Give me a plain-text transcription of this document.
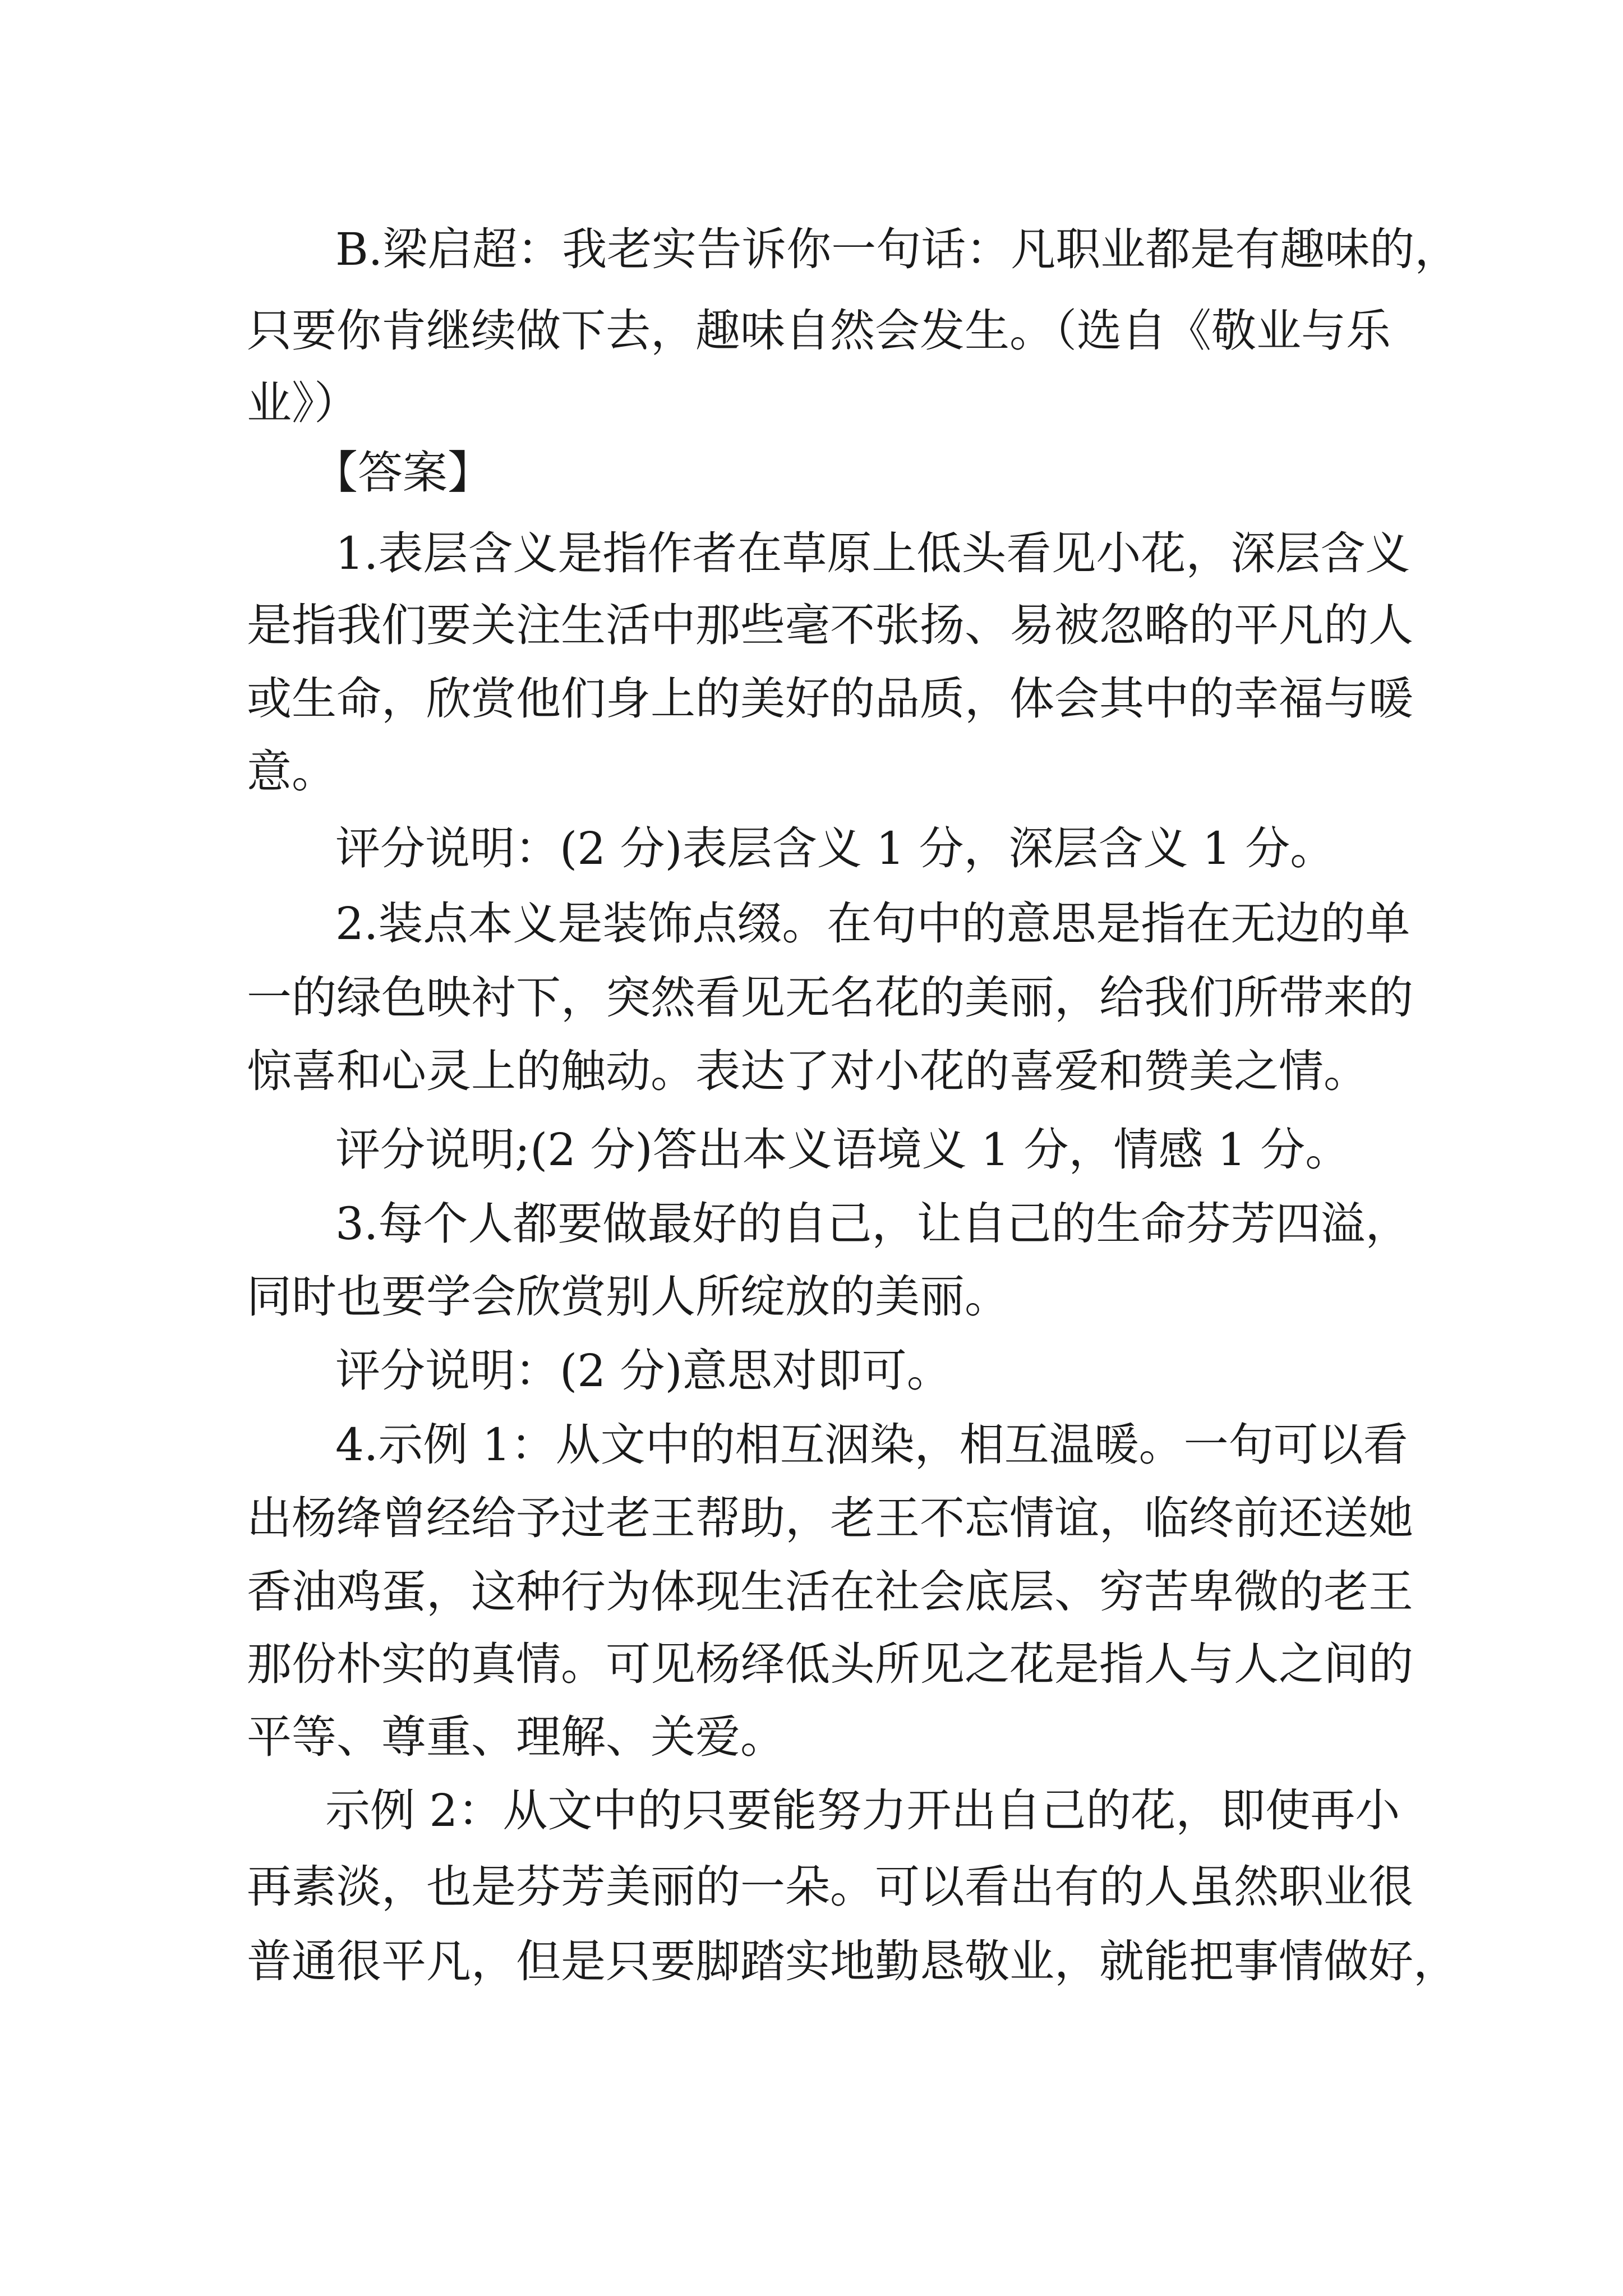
B.梁启超：我老实告诉你一句话：凡职业都是有趣味的，

只要你肯继续做下去，趣味自然会发生。（选自《敬业与乐

业》）

【答案】

1.表层含义是指作者在草原上低头看见小花，深层含义

是指我们要关注生活中那些毫不张扬、易被忽略的平凡的人

或生命，欣赏他们身上的美好的品质，体会其中的幸福与暖

意。

评分说明：(2 分)表层含义 1 分，深层含义 1 分。

2.装点本义是装饰点缀。在句中的意思是指在无边的单

一的绿色映衬下，突然看见无名花的美丽，给我们所带来的

惊喜和心灵上的触动。表达了对小花的喜爱和赞美之情。

评分说明;(2 分)答出本义语境义 1 分，情感 1 分。

3.每个人都要做最好的自己，让自己的生命芬芳四溢，

同时也要学会欣赏别人所绽放的美丽。

评分说明：(2 分)意思对即可。

4.示例 1：从文中的相互洇染，相互温暖。一句可以看

出杨绛曾经给予过老王帮助，老王不忘情谊，临终前还送她

香油鸡蛋，这种行为体现生活在社会底层、穷苦卑微的老王

那份朴实的真情。可见杨绎低头所见之花是指人与人之间的

平等、尊重、理解、关爱。

示例 2：从文中的只要能努力开出自己的花，即使再小

再素淡，也是芬芳美丽的一朵。可以看出有的人虽然职业很

普通很平凡，但是只要脚踏实地勤恳敬业，就能把事情做好，
